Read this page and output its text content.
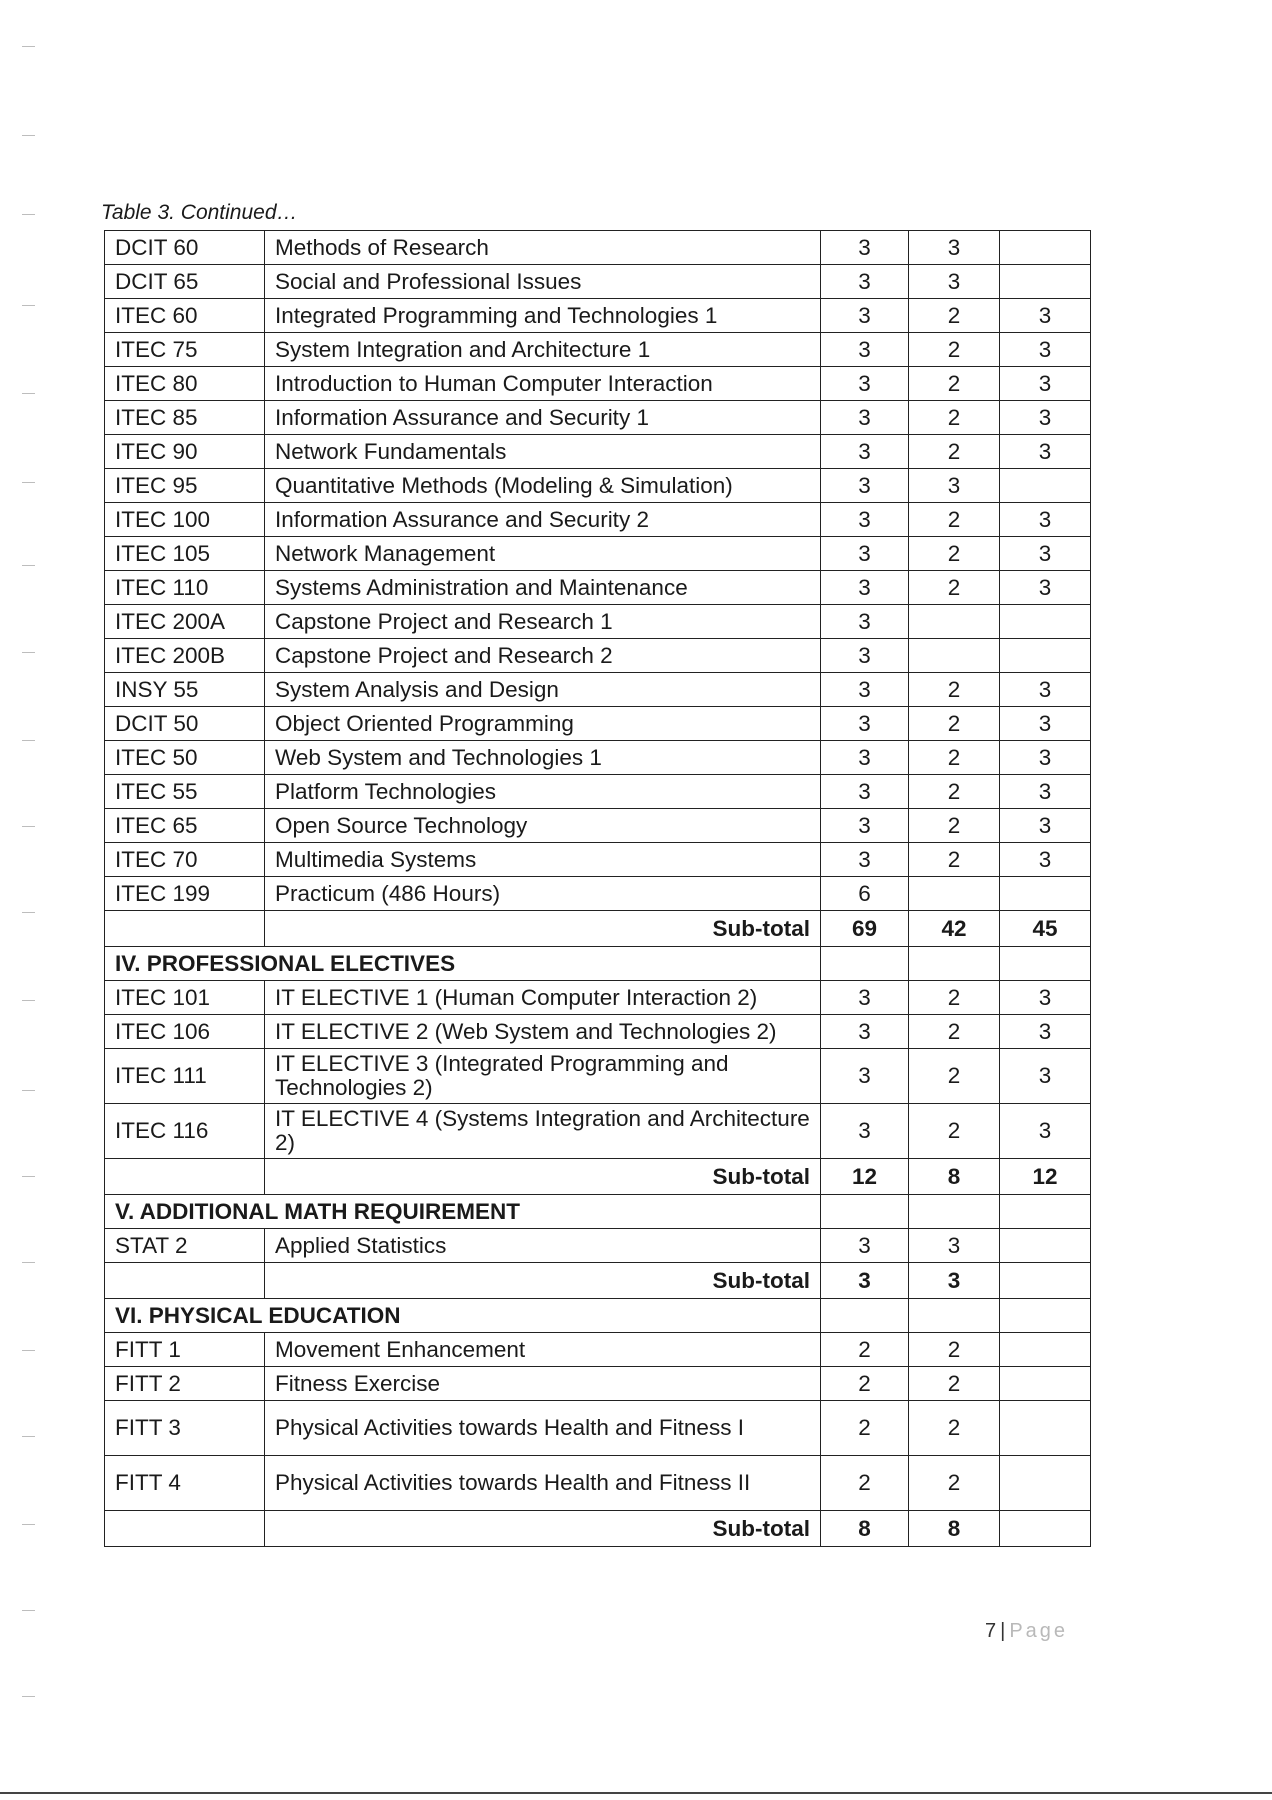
Table 3. Continued…
DCIT 60	Methods of Research	3	3	
DCIT 65	Social and Professional Issues	3	3	
ITEC 60	Integrated Programming and Technologies 1	3	2	3
ITEC 75	System Integration and Architecture 1	3	2	3
ITEC 80	Introduction to Human Computer Interaction	3	2	3
ITEC 85	Information Assurance and Security 1	3	2	3
ITEC 90	Network Fundamentals	3	2	3
ITEC 95	Quantitative Methods (Modeling & Simulation)	3	3	
ITEC 100	Information Assurance and Security 2	3	2	3
ITEC 105	Network Management	3	2	3
ITEC 110	Systems Administration and Maintenance	3	2	3
ITEC 200A	Capstone Project and Research 1	3		
ITEC 200B	Capstone Project and Research 2	3		
INSY 55	System Analysis and Design	3	2	3
DCIT 50	Object Oriented Programming	3	2	3
ITEC 50	Web System and Technologies 1	3	2	3
ITEC 55	Platform Technologies	3	2	3
ITEC 65	Open Source Technology	3	2	3
ITEC 70	Multimedia Systems	3	2	3
ITEC 199	Practicum (486 Hours)	6		
	Sub-total	69	42	45
IV. PROFESSIONAL ELECTIVES				
ITEC 101	IT ELECTIVE 1 (Human Computer Interaction 2)	3	2	3
ITEC 106	IT ELECTIVE 2 (Web System and Technologies 2)	3	2	3
ITEC 111	IT ELECTIVE 3 (Integrated Programming and Technologies 2)	3	2	3
ITEC 116	IT ELECTIVE 4 (Systems Integration and Architecture 2)	3	2	3
	Sub-total	12	8	12
V. ADDITIONAL MATH REQUIREMENT				
STAT 2	Applied Statistics	3	3	
	Sub-total	3	3	
VI. PHYSICAL EDUCATION				
FITT 1	Movement Enhancement	2	2	
FITT 2	Fitness Exercise	2	2	
FITT 3	Physical Activities towards Health and Fitness I	2	2	
FITT 4	Physical Activities towards Health and Fitness II	2	2	
	Sub-total	8	8	
7 | Page
